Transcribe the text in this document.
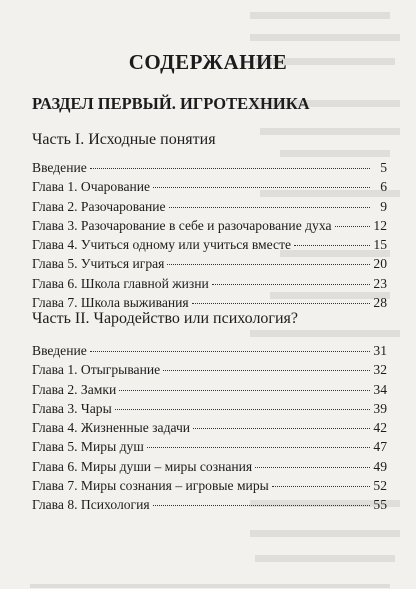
СОДЕРЖАНИЕ
РАЗДЕЛ ПЕРВЫЙ. ИГРОТЕХНИКА
Часть I. Исходные понятия
Введение	5
Глава 1. Очарование	6
Глава 2. Разочарование	9
Глава 3. Разочарование в себе и разочарование духа	12
Глава 4. Учиться одному или учиться вместе	15
Глава 5. Учиться играя	20
Глава 6. Школа главной жизни	23
Глава 7. Школа выживания	28
Часть II. Чародейство или психология?
Введение	31
Глава 1. Отыгрывание	32
Глава 2. Замки	34
Глава 3. Чары	39
Глава 4. Жизненные задачи	42
Глава 5. Миры душ	47
Глава 6. Миры души – миры сознания	49
Глава 7. Миры сознания – игровые миры	52
Глава 8. Психология	55
